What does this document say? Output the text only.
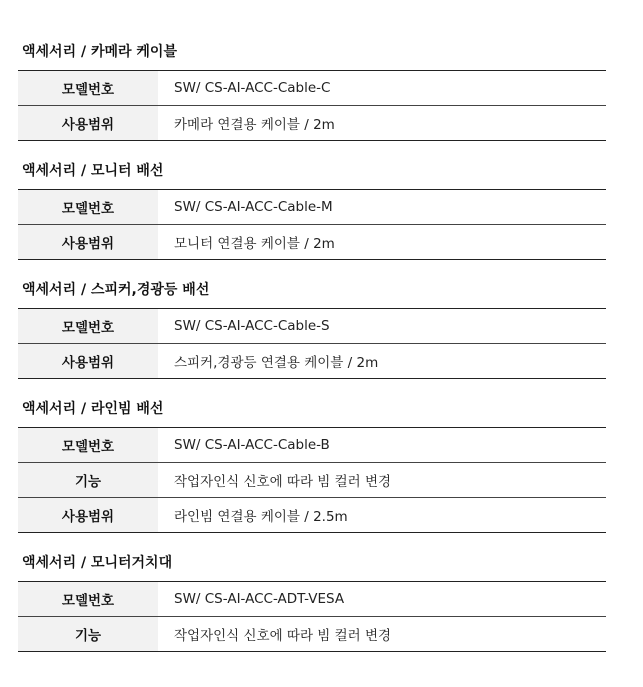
액세서리 / 카메라 케이블
모델번호	SW/ CS-AI-ACC-Cable-C
사용범위	카메라 연결용 케이블 / 2m
액세서리 / 모니터 배선
모델번호	SW/ CS-AI-ACC-Cable-M
사용범위	모니터 연결용 케이블 / 2m
액세서리 / 스피커,경광등 배선
모델번호	SW/ CS-AI-ACC-Cable-S
사용범위	스피커,경광등 연결용 케이블 / 2m
액세서리 / 라인빔 배선
모델번호	SW/ CS-AI-ACC-Cable-B
기능	작업자인식 신호에 따라 빔 컬러 변경
사용범위	라인빔 연결용 케이블 / 2.5m
액세서리 / 모니터거치대
모델번호	SW/ CS-AI-ACC-ADT-VESA
기능	작업자인식 신호에 따라 빔 컬러 변경
